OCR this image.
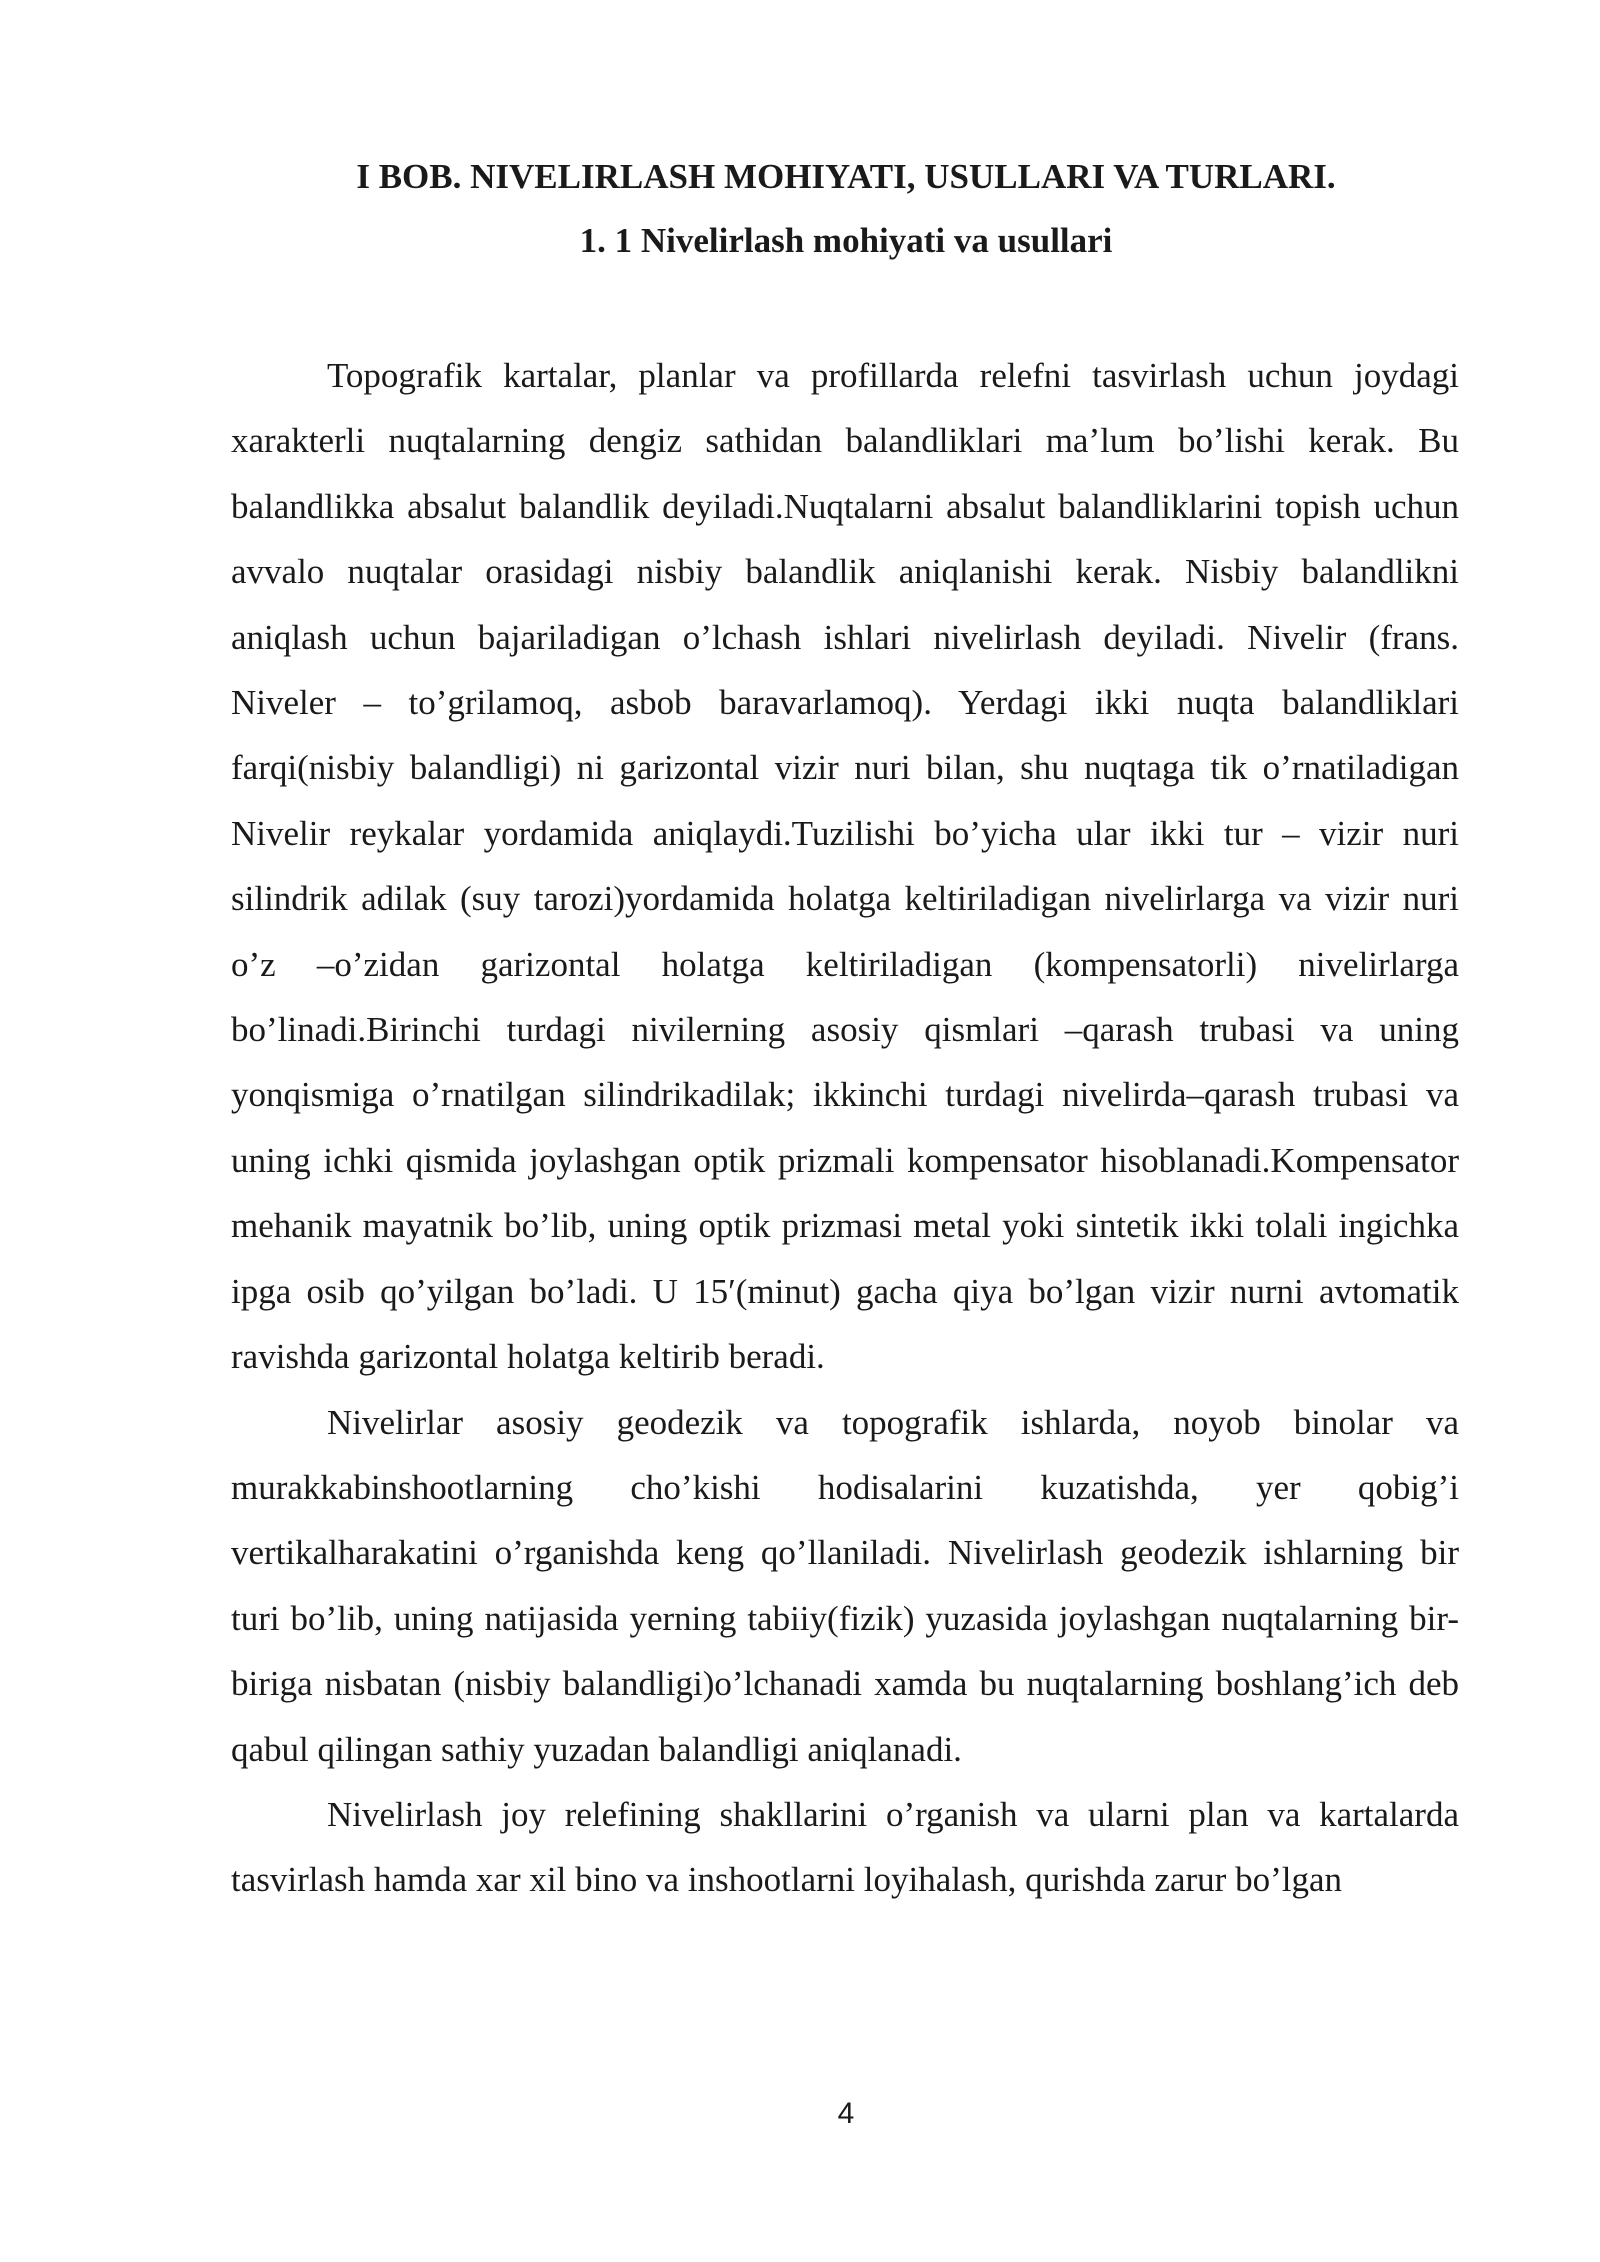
I BOB. NIVELIRLASH MOHIYATI, USULLARI VA TURLARI.
1. 1 Nivelirlash mohiyati va usullari

Topografik kartalar, planlar va profillarda relefni tasvirlash uchun joydagi xarakterli nuqtalarning dengiz sathidan balandliklari ma’lum bo’lishi kerak. Bu balandlikka absalut balandlik deyiladi.Nuqtalarni absalut balandliklarini topish uchun avvalo nuqtalar orasidagi nisbiy balandlik aniqlanishi kerak. Nisbiy balandlikni aniqlash uchun bajariladigan o’lchash ishlari nivelirlash deyiladi. Nivelir (frans. Niveler – to’grilamoq, asbob baravarlamoq). Yerdagi ikki nuqta balandliklari farqi(nisbiy balandligi) ni garizontal vizir nuri bilan, shu nuqtaga tik o’rnatiladigan Nivelir reykalar yordamida aniqlaydi.Tuzilishi bo’yicha ular ikki tur – vizir nuri silindrik adilak (suy tarozi)yordamida holatga keltiriladigan nivelirlarga va vizir nuri o’z –o’zidan garizontal holatga keltiriladigan (kompensatorli) nivelirlarga bo’linadi.Birinchi turdagi nivilerning asosiy qismlari –qarash trubasi va uning yonqismiga o’rnatilgan silindrikadilak; ikkinchi turdagi nivelirda–qarash trubasi va uning ichki qismida joylashgan optik prizmali kompensator hisoblanadi.Kompensator mehanik mayatnik bo’lib, uning optik prizmasi metal yoki sintetik ikki tolali ingichka ipga osib qo’yilgan bo’ladi. U 15′(minut) gacha qiya bo’lgan vizir nurni avtomatik ravishda garizontal holatga keltirib beradi.

Nivelirlar asosiy geodezik va topografik ishlarda, noyob binolar va murakkabinshootlarning cho’kishi hodisalarini kuzatishda, yer qobig’i vertikalharakatini o’rganishda keng qo’llaniladi. Nivelirlash geodezik ishlarning bir turi bo’lib, uning natijasida yerning tabiiy(fizik) yuzasida joylashgan nuqtalarning bir-biriga nisbatan (nisbiy balandligi)o’lchanadi xamda bu nuqtalarning boshlang’ich deb qabul qilingan sathiy yuzadan balandligi aniqlanadi.

Nivelirlash joy relefining shakllarini o’rganish va ularni plan va kartalarda tasvirlash hamda xar xil bino va inshootlarni loyihalash, qurishda zarur bo’lgan

4
